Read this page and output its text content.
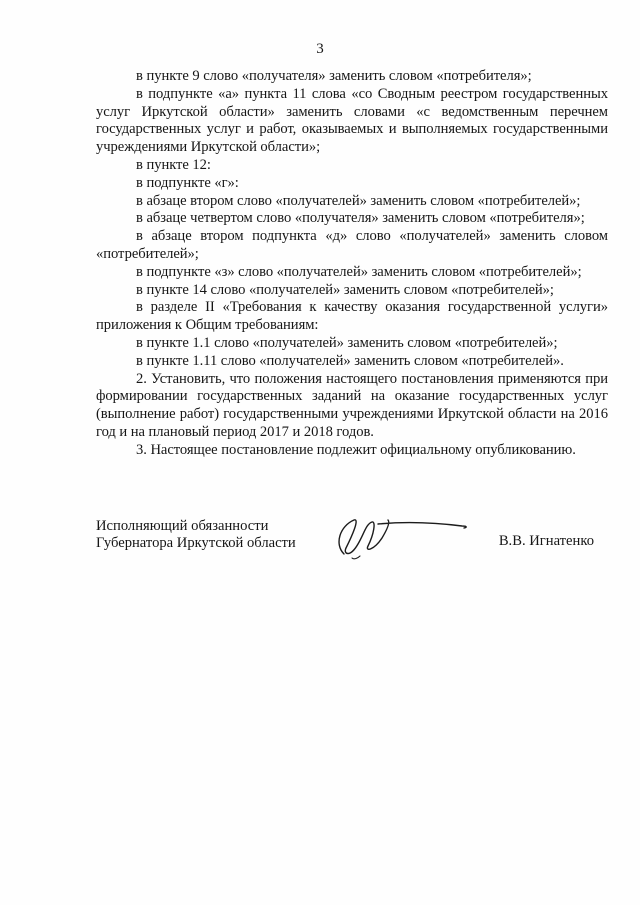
3

в пункте 9 слово «получателя» заменить словом «потребителя»;

в подпункте «а» пункта 11 слова «со Сводным реестром государственных услуг Иркутской области» заменить словами «с ведомственным перечнем государственных услуг и работ, оказываемых и выполняемых государственными учреждениями Иркутской области»;

в пункте 12:

в подпункте «г»:

в абзаце втором слово «получателей» заменить словом «потребителей»;

в абзаце четвертом слово «получателя» заменить словом «потребителя»;

в абзаце втором подпункта «д» слово «получателей» заменить словом «потребителей»;

в подпункте «з» слово «получателей» заменить словом «потребителей»;

в пункте 14 слово «получателей» заменить словом «потребителей»;

в разделе II «Требования к качеству оказания государственной услуги» приложения к Общим требованиям:

в пункте 1.1 слово «получателей» заменить словом «потребителей»;

в пункте 1.11 слово «получателей» заменить словом «потребителей».

2. Установить, что положения настоящего постановления применяются при формировании государственных заданий на оказание государственных услуг (выполнение работ) государственными учреждениями Иркутской области на 2016 год и на плановый период 2017 и 2018 годов.

3. Настоящее постановление подлежит официальному опубликованию.

Исполняющий обязанности
Губернатора Иркутской области	В.В. Игнатенко
